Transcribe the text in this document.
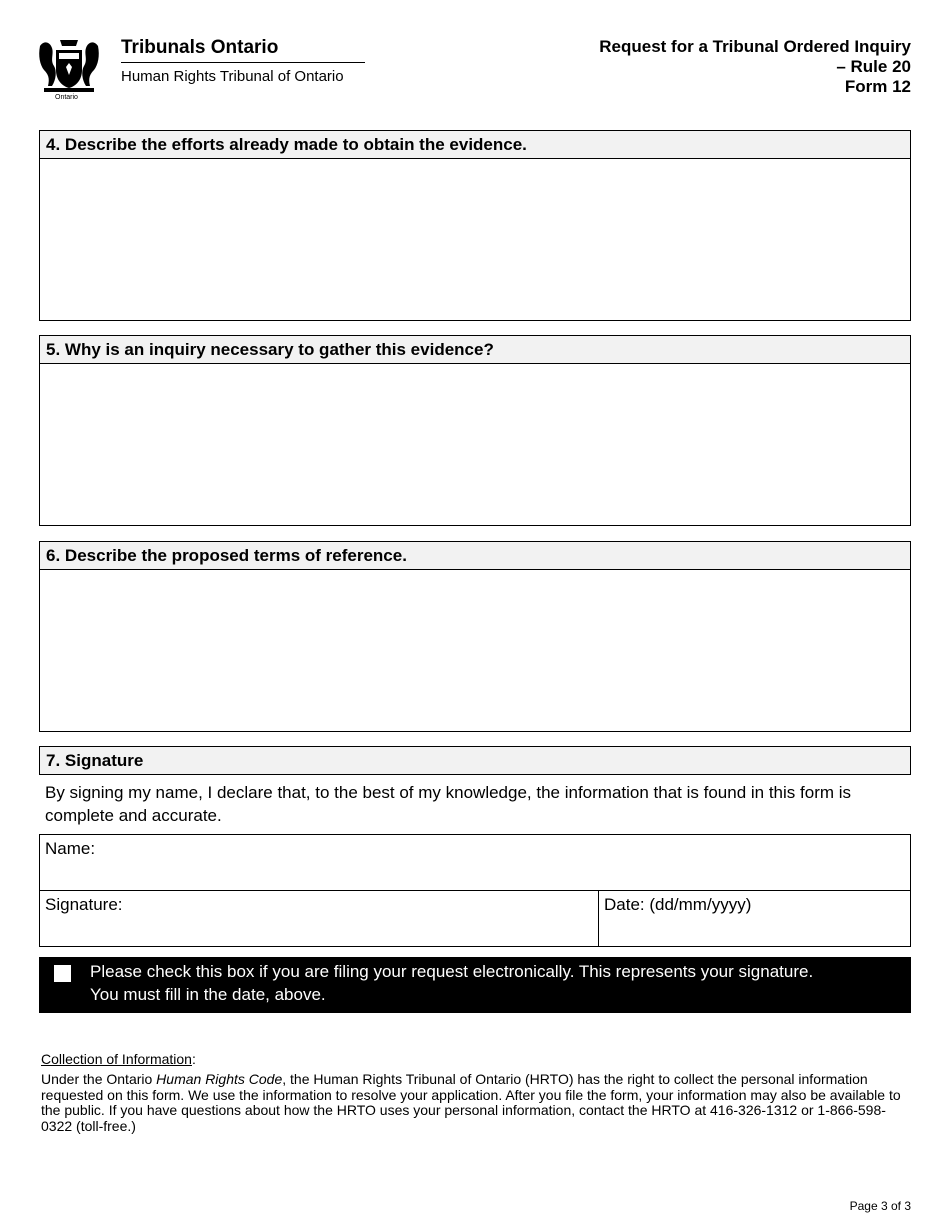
Ontario
Tribunals Ontario
Human Rights Tribunal of Ontario
Request for a Tribunal Ordered Inquiry
– Rule 20
Form 12
4. Describe the efforts already made to obtain the evidence.
5. Why is an inquiry necessary to gather this evidence?
6. Describe the proposed terms of reference.
7. Signature
By signing my name, I declare that, to the best of my knowledge, the information that is found in this form is complete and accurate.
Name:
Signature:	Date: (dd/mm/yyyy)
Please check this box if you are filing your request electronically. This represents your signature.
You must fill in the date, above.
Collection of Information:
Under the Ontario Human Rights Code, the Human Rights Tribunal of Ontario (HRTO) has the right to collect the personal information requested on this form. We use the information to resolve your application. After you file the form, your information may also be available to the public. If you have questions about how the HRTO uses your personal information, contact the HRTO at 416-326-1312 or 1-866-598-0322 (toll-free.)
Page 3 of 3
